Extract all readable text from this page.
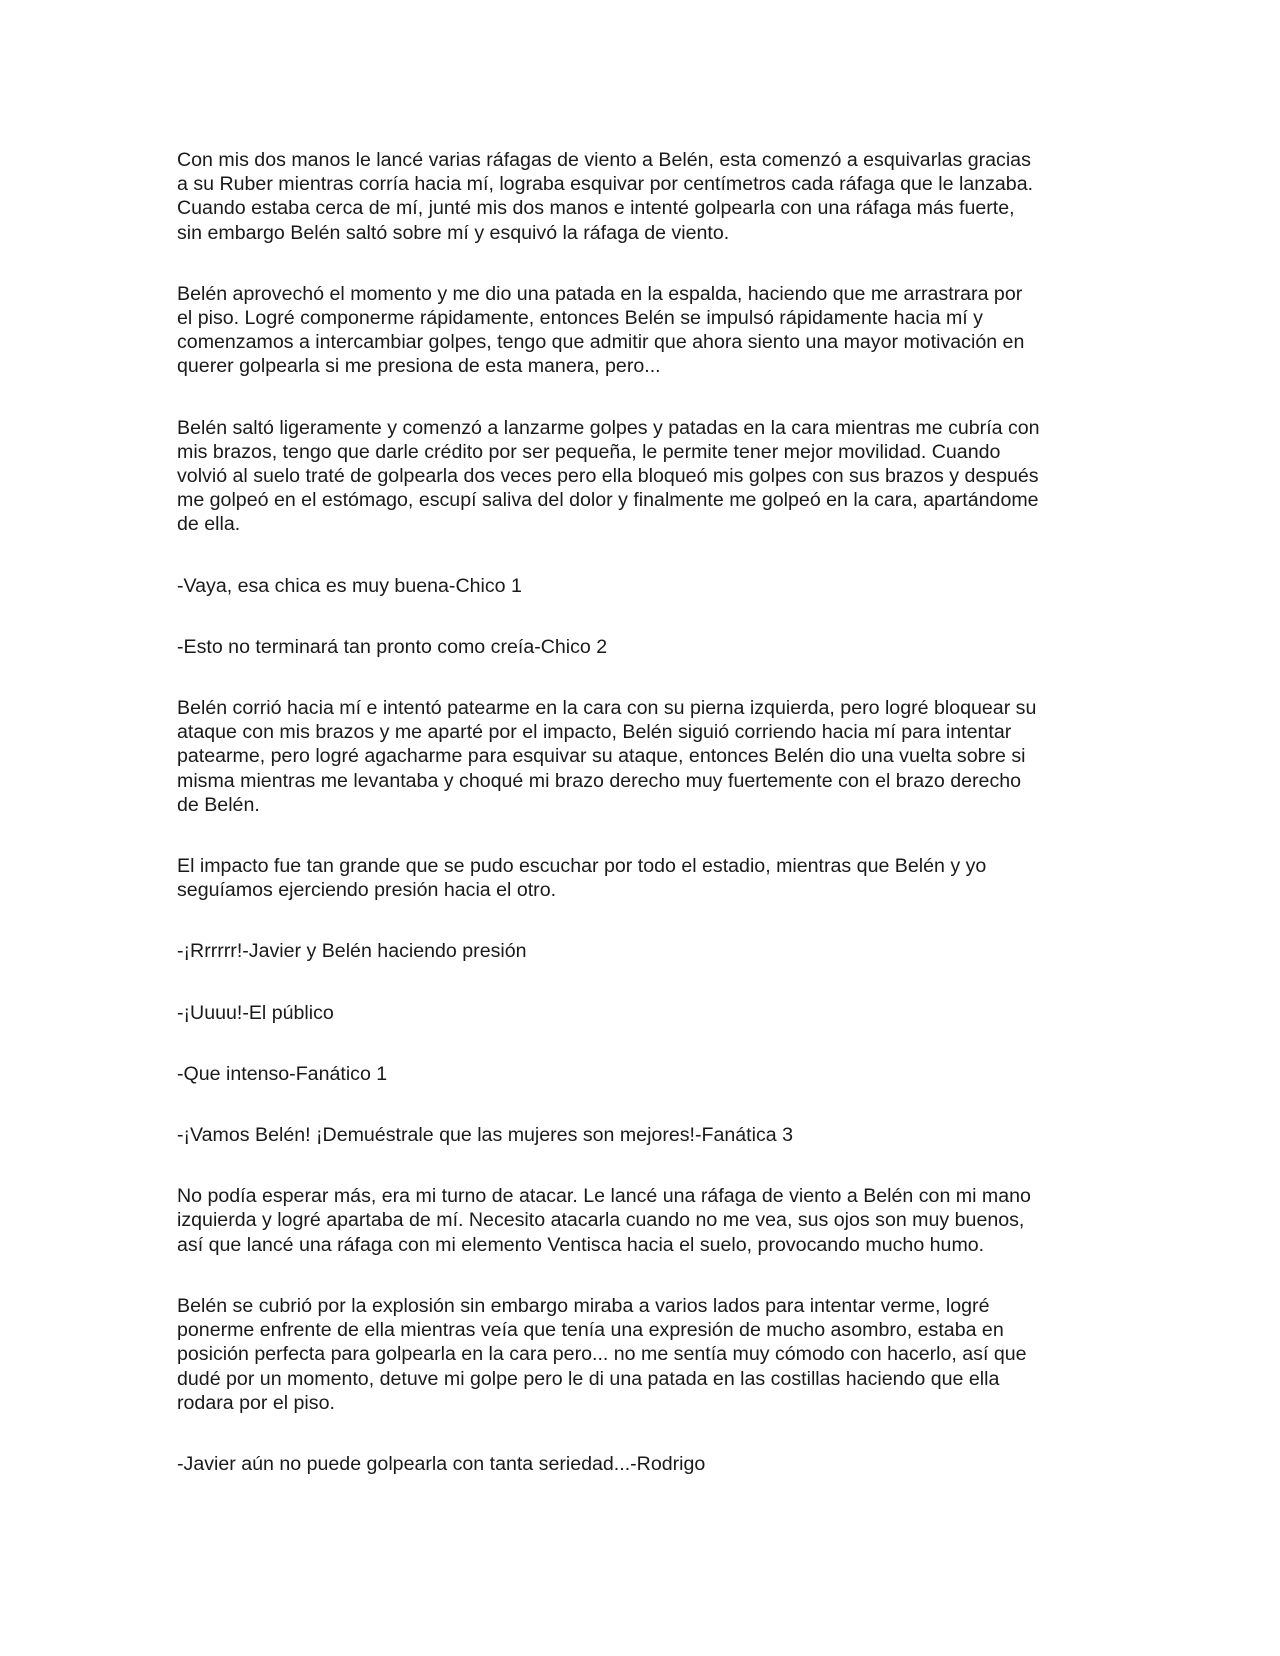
Con mis dos manos le lancé varias ráfagas de viento a Belén, esta comenzó a esquivarlas gracias
a su Ruber mientras corría hacia mí, lograba esquivar por centímetros cada ráfaga que le lanzaba.
Cuando estaba cerca de mí, junté mis dos manos e intenté golpearla con una ráfaga más fuerte,
sin embargo Belén saltó sobre mí y esquivó la ráfaga de viento.

Belén aprovechó el momento y me dio una patada en la espalda, haciendo que me arrastrara por
el piso. Logré componerme rápidamente, entonces Belén se impulsó rápidamente hacia mí y
comenzamos a intercambiar golpes, tengo que admitir que ahora siento una mayor motivación en
querer golpearla si me presiona de esta manera, pero...

Belén saltó ligeramente y comenzó a lanzarme golpes y patadas en la cara mientras me cubría con
mis brazos, tengo que darle crédito por ser pequeña, le permite tener mejor movilidad. Cuando
volvió al suelo traté de golpearla dos veces pero ella bloqueó mis golpes con sus brazos y después
me golpeó en el estómago, escupí saliva del dolor y finalmente me golpeó en la cara, apartándome
de ella.

-Vaya, esa chica es muy buena-Chico 1

-Esto no terminará tan pronto como creía-Chico 2

Belén corrió hacia mí e intentó patearme en la cara con su pierna izquierda, pero logré bloquear su
ataque con mis brazos y me aparté por el impacto, Belén siguió corriendo hacia mí para intentar
patearme, pero logré agacharme para esquivar su ataque, entonces Belén dio una vuelta sobre si
misma mientras me levantaba y choqué mi brazo derecho muy fuertemente con el brazo derecho
de Belén.

El impacto fue tan grande que se pudo escuchar por todo el estadio, mientras que Belén y yo
seguíamos ejerciendo presión hacia el otro.

-¡Rrrrrr!-Javier y Belén haciendo presión

-¡Uuuu!-El público

-Que intenso-Fanático 1

-¡Vamos Belén! ¡Demuéstrale que las mujeres son mejores!-Fanática 3

No podía esperar más, era mi turno de atacar. Le lancé una ráfaga de viento a Belén con mi mano
izquierda y logré apartaba de mí. Necesito atacarla cuando no me vea, sus ojos son muy buenos,
así que lancé una ráfaga con mi elemento Ventisca hacia el suelo, provocando mucho humo.

Belén se cubrió por la explosión sin embargo miraba a varios lados para intentar verme, logré
ponerme enfrente de ella mientras veía que tenía una expresión de mucho asombro, estaba en
posición perfecta para golpearla en la cara pero... no me sentía muy cómodo con hacerlo, así que
dudé por un momento, detuve mi golpe pero le di una patada en las costillas haciendo que ella
rodara por el piso.

-Javier aún no puede golpearla con tanta seriedad...-Rodrigo
